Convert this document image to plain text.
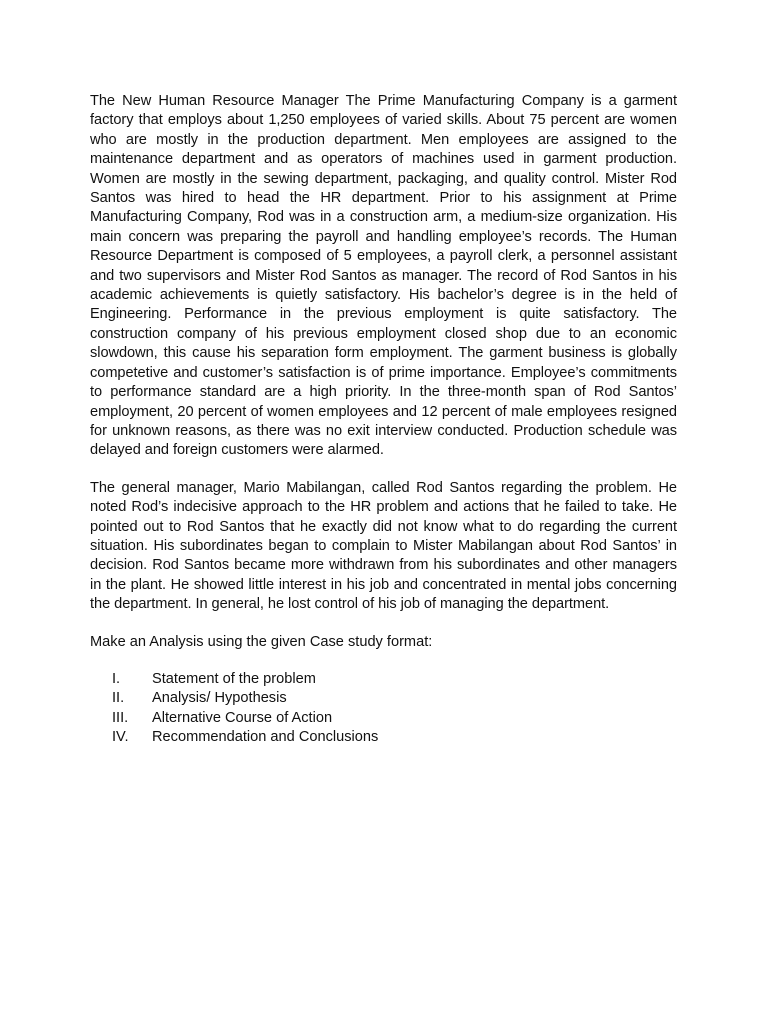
The New Human Resource Manager The Prime Manufacturing Company is a garment factory that employs about 1,250 employees of varied skills. About 75 percent are women who are mostly in the production department. Men employees are assigned to the maintenance department and as operators of machines used in garment production. Women are mostly in the sewing department, packaging, and quality control. Mister Rod Santos was hired to head the HR department. Prior to his assignment at Prime Manufacturing Company, Rod was in a construction arm, a medium-size organization. His main concern was preparing the payroll and handling employee’s records. The Human Resource Department is composed of 5 employees, a payroll clerk, a personnel assistant and two supervisors and Mister Rod Santos as manager. The record of Rod Santos in his academic achievements is quietly satisfactory. His bachelor’s degree is in the held of Engineering. Performance in the previous employment is quite satisfactory. The construction company of his previous employment closed shop due to an economic slowdown, this cause his separation form employment. The garment business is globally competetive and customer’s satisfaction is of prime importance. Employee’s commitments to performance standard are a high priority. In the three-month span of Rod Santos’ employment, 20 percent of women employees and 12 percent of male employees resigned for unknown reasons, as there was no exit interview conducted. Production schedule was delayed and foreign customers were alarmed.

The general manager, Mario Mabilangan, called Rod Santos regarding the problem. He noted Rod’s indecisive approach to the HR problem and actions that he failed to take. He pointed out to Rod Santos that he exactly did not know what to do regarding the current situation. His subordinates began to complain to Mister Mabilangan about Rod Santos’ in decision. Rod Santos became more withdrawn from his subordinates and other managers in the plant. He showed little interest in his job and concentrated in mental jobs concerning the department. In general, he lost control of his job of managing the department.

Make an Analysis using the given Case study format:

I.	Statement of the problem
II.	Analysis/ Hypothesis
III.	Alternative Course of Action
IV.	Recommendation and Conclusions
